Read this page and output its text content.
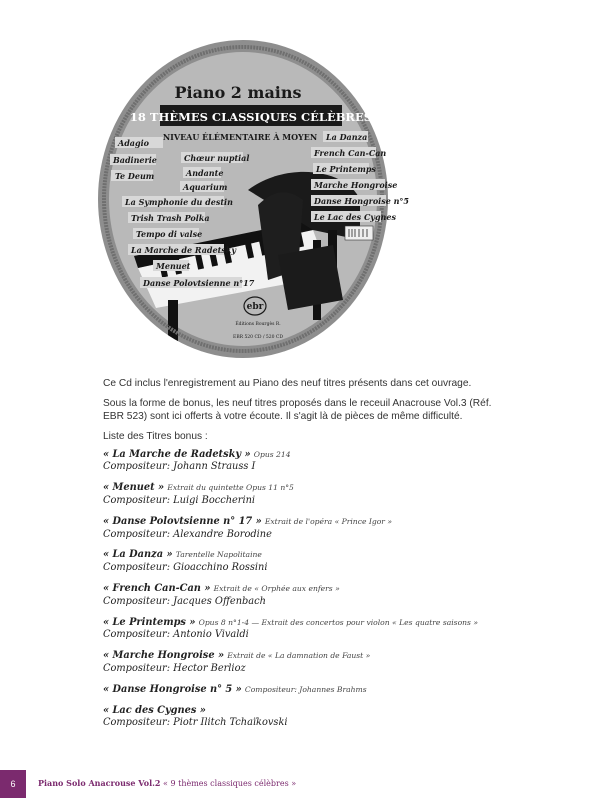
Piano 2 mains
18 THÈMES CLASSIQUES CÉLÈBRES
NIVEAU ÉLÉMENTAIRE À MOYEN
Adagio
Badinerie
Te Deum
La Symphonie du destin
Trish Trash Polka
Tempo di valse
La Marche de Radetsky
Menuet
Danse Polovtsienne n°17
Chœur nuptial
Andante
Aquarium
La Danza
French Can-Can
Le Printemps
Marche Hongroise
Danse Hongroise n°5
Le Lac des Cygnes
ebr
Éditions Bourgès R.
EBR 520 CD / 520 CD

Ce Cd inclus l'enregistrement au Piano des neuf titres présents dans cet ouvrage.

Sous la forme de bonus, les neuf titres proposés dans le receuil Anacrouse Vol.3 (Réf. EBR 523) sont ici offerts à votre écoute. Il s'agit là de pièces de même difficulté.

Liste des Titres bonus :

« La Marche de Radetsky » Opus 214
Compositeur: Johann Strauss I
« Menuet » Extrait du quintette Opus 11 n°5
Compositeur: Luigi Boccherini
« Danse Polovtsienne n° 17 » Extrait de l'opéra « Prince Igor »
Compositeur: Alexandre Borodine
« La Danza » Tarentelle Napolitaine
Compositeur: Gioacchino Rossini
« French Can-Can » Extrait de « Orphée aux enfers »
Compositeur: Jacques Offenbach
« Le Printemps » Opus 8 n°1-4 — Extrait des concertos pour violon « Les quatre saisons »
Compositeur: Antonio Vivaldi
« Marche Hongroise » Extrait de « La damnation de Faust »
Compositeur: Hector Berlioz
« Danse Hongroise n° 5 » Compositeur: Johannes Brahms
« Lac des Cygnes »
Compositeur: Piotr Ilitch Tchaïkovski
6	Piano Solo Anacrouse Vol.2 « 9 thèmes classiques célèbres »
